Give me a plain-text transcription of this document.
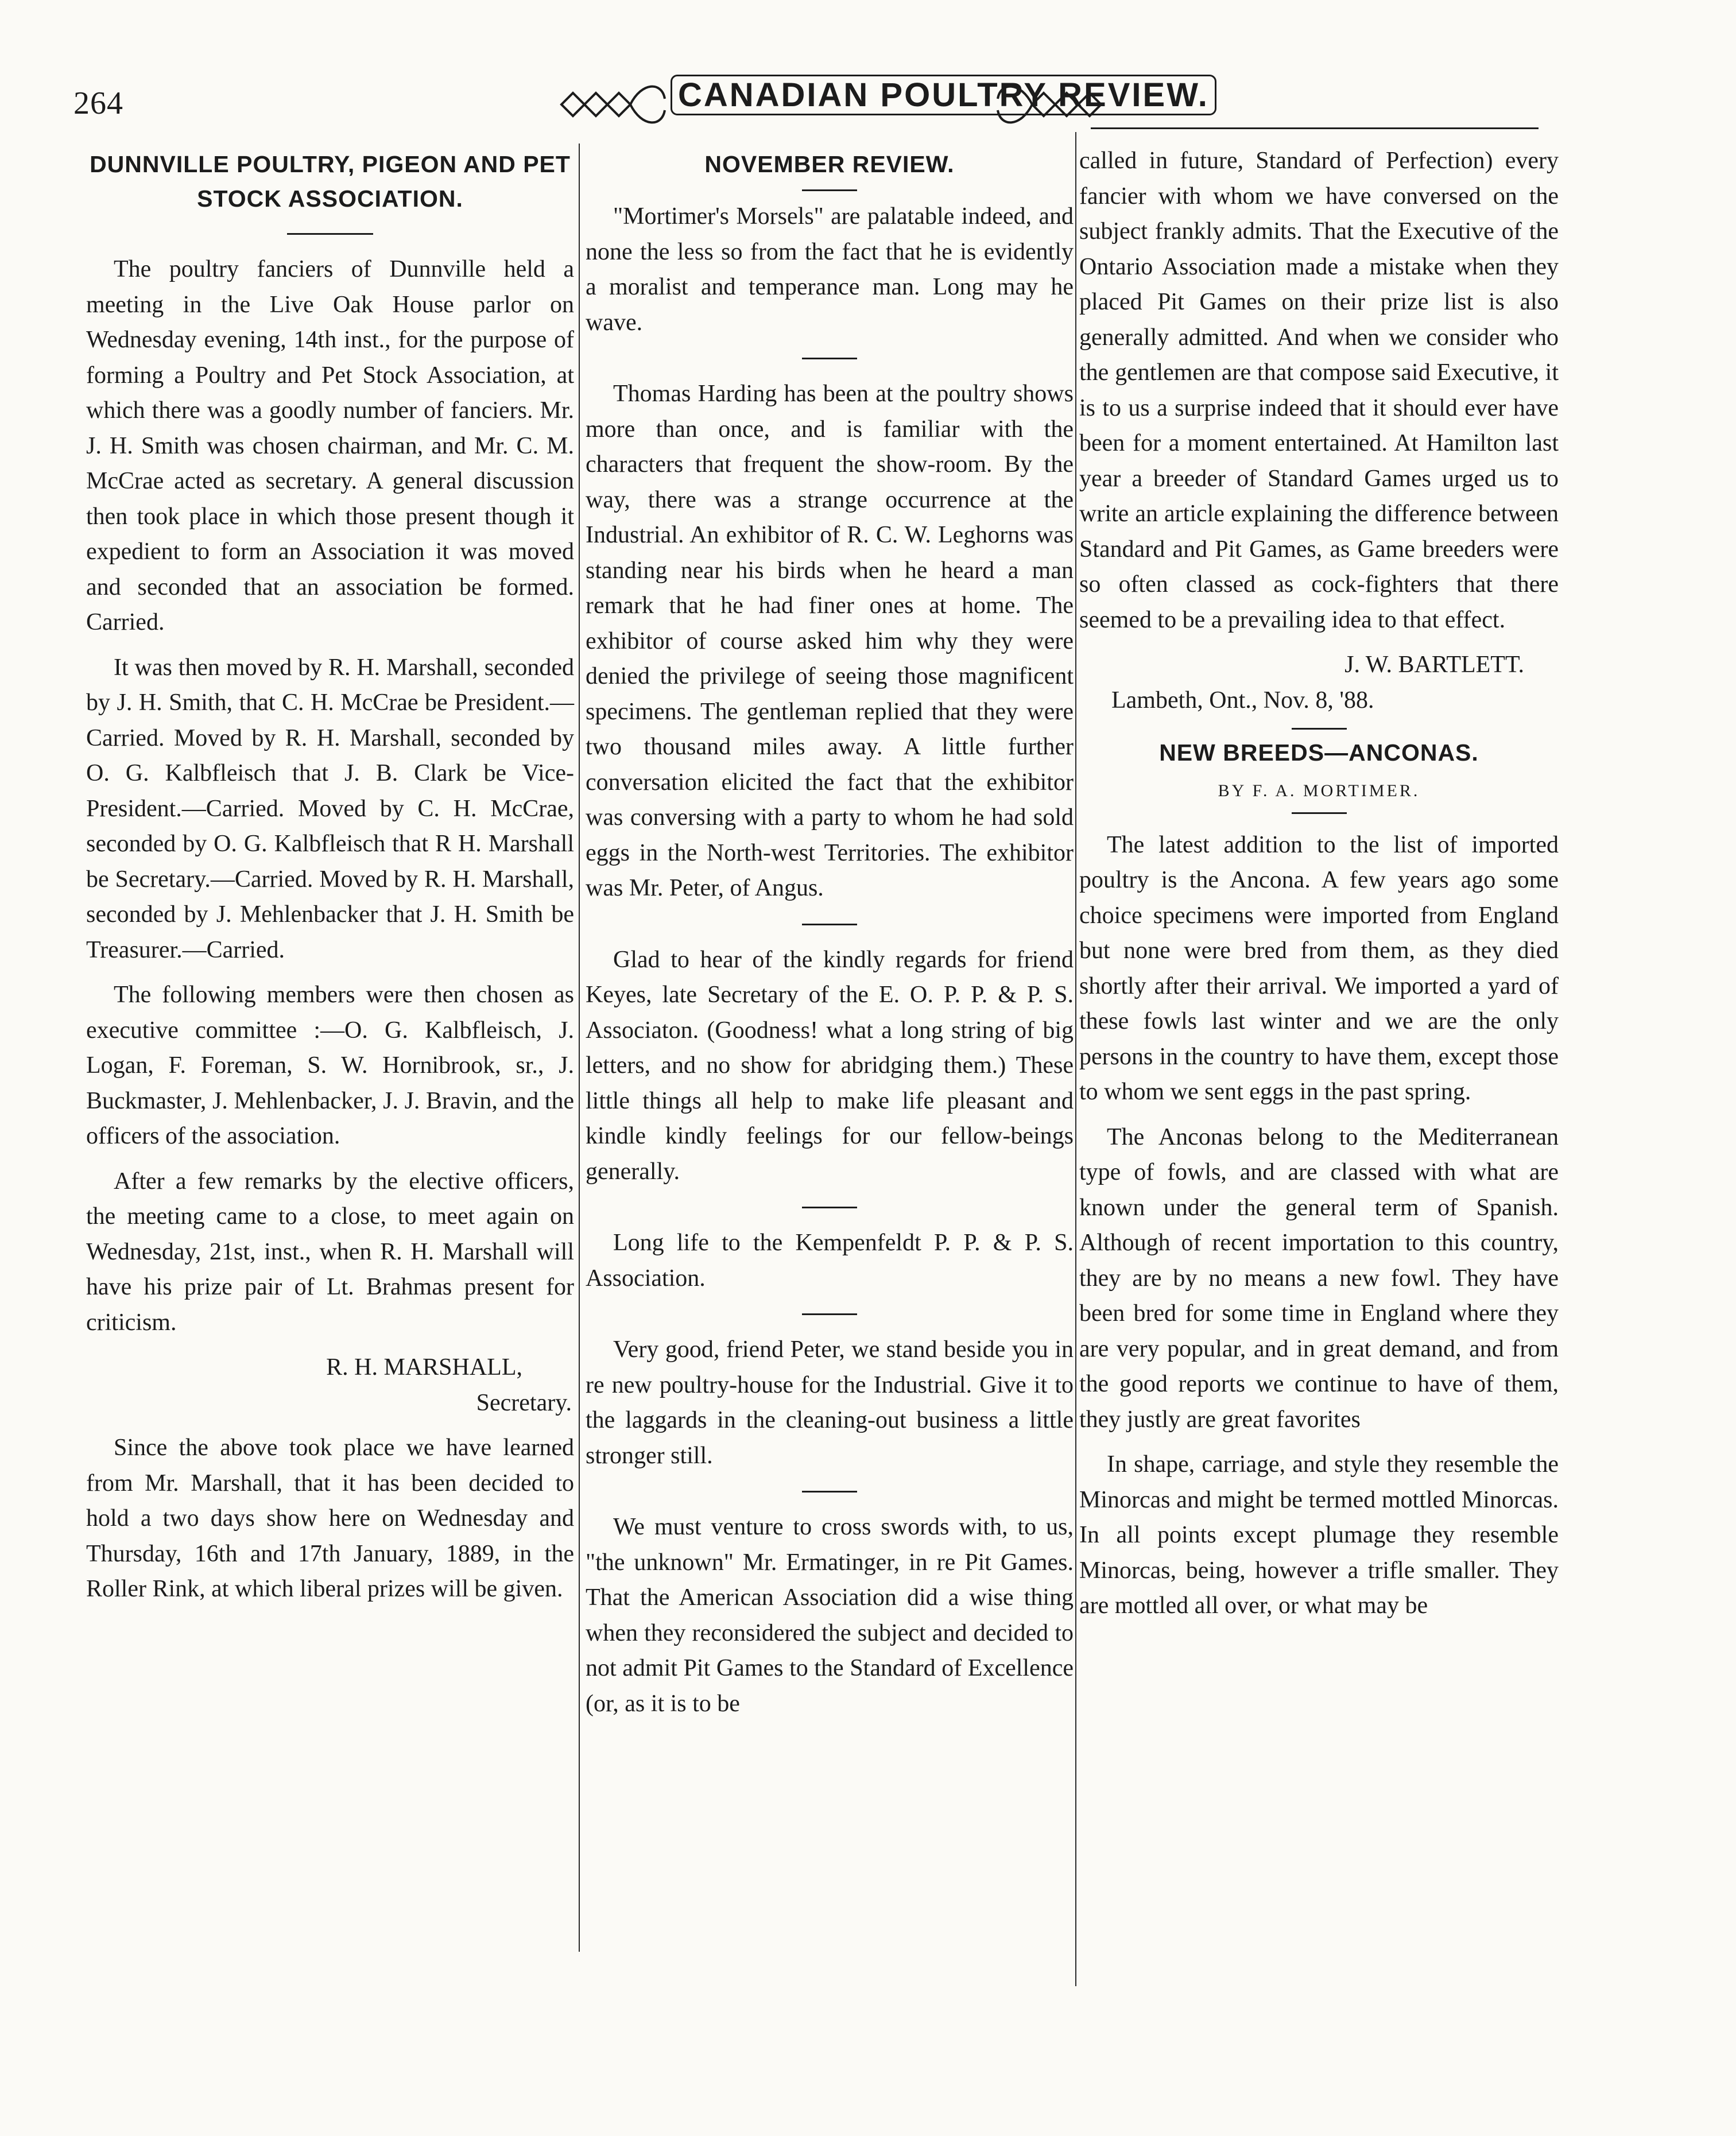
264	CANADIAN POULTRY REVIEW.
DUNNVILLE POULTRY, PIGEON AND PET STOCK ASSOCIATION.

The poultry fanciers of Dunnville held a meeting in the Live Oak House parlor on Wednesday evening, 14th inst., for the purpose of forming a Poultry and Pet Stock Association, at which there was a goodly number of fanciers. Mr. J. H. Smith was chosen chairman, and Mr. C. M. McCrae acted as secretary. A general discussion then took place in which those present though it expedient to form an Association it was moved and seconded that an association be formed. Carried.

It was then moved by R. H. Marshall, seconded by J. H. Smith, that C. H. McCrae be President.—Carried. Moved by R. H. Marshall, seconded by O. G. Kalbfleisch that J. B. Clark be Vice-President.—Carried. Moved by C. H. McCrae, seconded by O. G. Kalbfleisch that R H. Marshall be Secretary.—Carried. Moved by R. H. Marshall, seconded by J. Mehlenbacker that J. H. Smith be Treasurer.—Carried.

The following members were then chosen as executive committee :—O. G. Kalbfleisch, J. Logan, F. Foreman, S. W. Hornibrook, sr., J. Buckmaster, J. Mehlenbacker, J. J. Bravin, and the officers of the association.

After a few remarks by the elective officers, the meeting came to a close, to meet again on Wednesday, 21st, inst., when R. H. Marshall will have his prize pair of Lt. Brahmas present for criticism.

R. H. MARSHALL,
Secretary.

Since the above took place we have learned from Mr. Marshall, that it has been decided to hold a two days show here on Wednesday and Thursday, 16th and 17th January, 1889, in the Roller Rink, at which liberal prizes will be given.

NOVEMBER REVIEW.

"Mortimer's Morsels" are palatable indeed, and none the less so from the fact that he is evidently a moralist and temperance man. Long may he wave.

Thomas Harding has been at the poultry shows more than once, and is familiar with the characters that frequent the show-room. By the way, there was a strange occurrence at the Industrial. An exhibitor of R. C. W. Leghorns was standing near his birds when he heard a man remark that he had finer ones at home. The exhibitor of course asked him why they were denied the privilege of seeing those magnificent specimens. The gentleman replied that they were two thousand miles away. A little further conversation elicited the fact that the exhibitor was conversing with a party to whom he had sold eggs in the North-west Territories. The exhibitor was Mr. Peter, of Angus.

Glad to hear of the kindly regards for friend Keyes, late Secretary of the E. O. P. P. & P. S. Associaton. (Goodness! what a long string of big letters, and no show for abridging them.) These little things all help to make life pleasant and kindle kindly feelings for our fellow-beings generally.

Long life to the Kempenfeldt P. P. & P. S. Association.

Very good, friend Peter, we stand beside you in re new poultry-house for the Industrial. Give it to the laggards in the cleaning-out business a little stronger still.

We must venture to cross swords with, to us, "the unknown" Mr. Ermatinger, in re Pit Games. That the American Association did a wise thing when they reconsidered the subject and decided to not admit Pit Games to the Standard of Excellence (or, as it is to be

called in future, Standard of Perfection) every fancier with whom we have conversed on the subject frankly admits. That the Executive of the Ontario Association made a mistake when they placed Pit Games on their prize list is also generally admitted. And when we consider who the gentlemen are that compose said Executive, it is to us a surprise indeed that it should ever have been for a moment entertained. At Hamilton last year a breeder of Standard Games urged us to write an article explaining the difference between Standard and Pit Games, as Game breeders were so often classed as cock-fighters that there seemed to be a prevailing idea to that effect.

J. W. BARTLETT.
Lambeth, Ont., Nov. 8, '88.
NEW BREEDS—ANCONAS.
BY F. A. MORTIMER.

The latest addition to the list of imported poultry is the Ancona. A few years ago some choice specimens were imported from England but none were bred from them, as they died shortly after their arrival. We imported a yard of these fowls last winter and we are the only persons in the country to have them, except those to whom we sent eggs in the past spring.

The Anconas belong to the Mediterranean type of fowls, and are classed with what are known under the general term of Spanish. Although of recent importation to this country, they are by no means a new fowl. They have been bred for some time in England where they are very popular, and in great demand, and from the good reports we continue to have of them, they justly are great favorites

In shape, carriage, and style they resemble the Minorcas and might be termed mottled Minorcas. In all points except plumage they resemble Minorcas, being, however a trifle smaller. They are mottled all over, or what may be
